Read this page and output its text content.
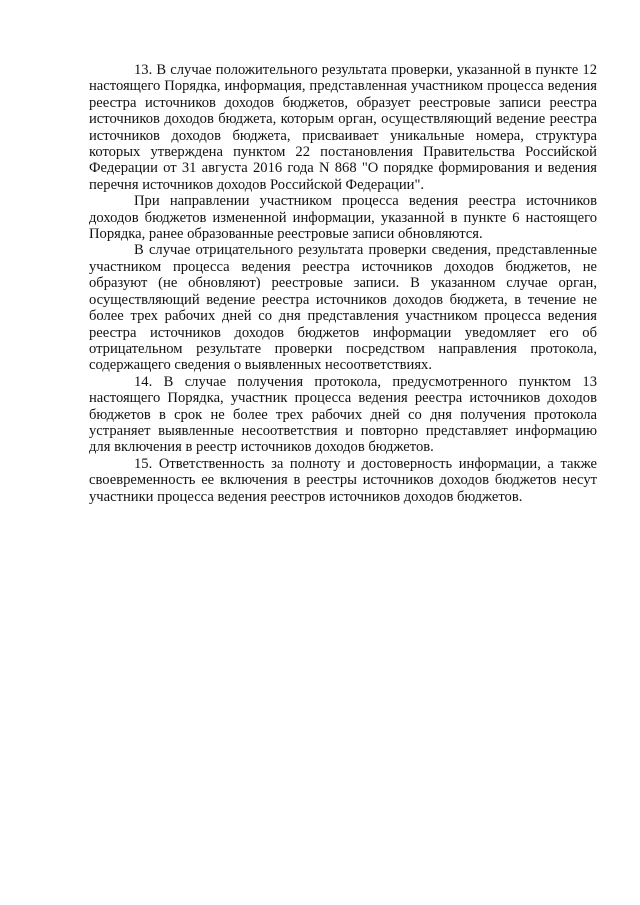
13. В случае положительного результата проверки, указанной в пункте 12 настоящего Порядка, информация, представленная участником процесса ведения реестра источников доходов бюджетов, образует реестровые записи реестра источников доходов бюджета, которым орган, осуществляющий ведение реестра источников доходов бюджета, присваивает уникальные номера, структура которых утверждена пунктом 22 постановления Правительства Российской Федерации от 31 августа 2016 года N 868 "О порядке формирования и ведения перечня источников доходов Российской Федерации".

При направлении участником процесса ведения реестра источников доходов бюджетов измененной информации, указанной в пункте 6 настоящего Порядка, ранее образованные реестровые записи обновляются.

В случае отрицательного результата проверки сведения, представленные участником процесса ведения реестра источников доходов бюджетов, не образуют (не обновляют) реестровые записи. В указанном случае орган, осуществляющий ведение реестра источников доходов бюджета, в течение не более трех рабочих дней со дня представления участником процесса ведения реестра источников доходов бюджетов информации уведомляет его об отрицательном результате проверки посредством направления протокола, содержащего сведения о выявленных несоответствиях.

14. В случае получения протокола, предусмотренного пунктом 13 настоящего Порядка, участник процесса ведения реестра источников доходов бюджетов в срок не более трех рабочих дней со дня получения протокола устраняет выявленные несоответствия и повторно представляет информацию для включения в реестр источников доходов бюджетов.

15. Ответственность за полноту и достоверность информации, а также своевременность ее включения в реестры источников доходов бюджетов несут участники процесса ведения реестров источников доходов бюджетов.
